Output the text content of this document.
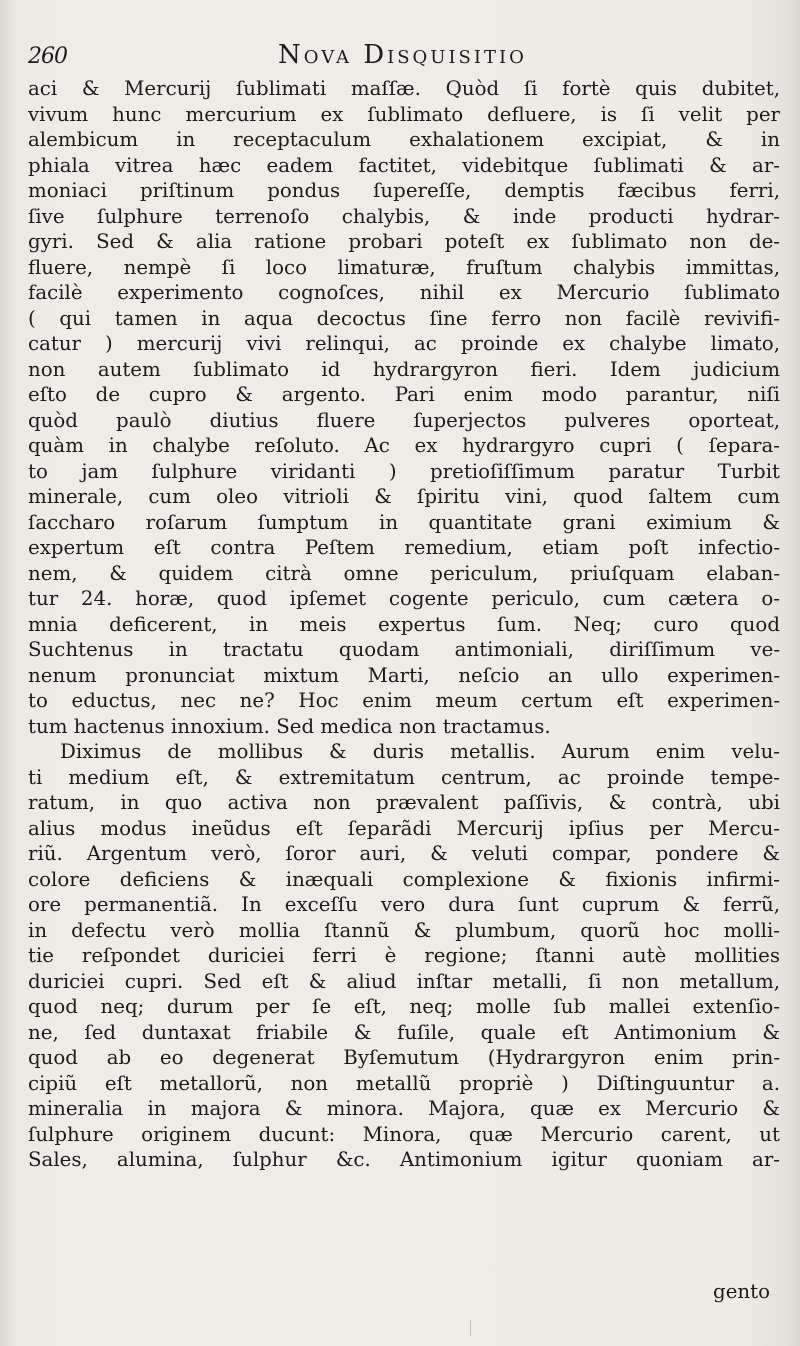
260	Nova Disquisitio
aci & Mercurij ſublimati maſſæ. Quòd ſi fortè quis dubitet,
vivum hunc mercurium ex ſublimato defluere, is ſi velit per
alembicum in receptaculum exhalationem excipiat, & in
phiala vitrea hæc eadem factitet, videbitque ſublimati & ar-
moniaci priſtinum pondus ſupereſſe, demptis fæcibus ferri,
ſive ſulphure terrenoſo chalybis, & inde producti hydrar-
gyri. Sed & alia ratione probari poteſt ex ſublimato non de-
fluere, nempè ſi loco limaturæ, fruſtum chalybis immittas,
facilè experimento cognoſces, nihil ex Mercurio ſublimato
( qui tamen in aqua decoctus ſine ferro non facilè revivifi-
catur ) mercurij vivi relinqui, ac proinde ex chalybe limato,
non autem ſublimato id hydrargyron fieri. Idem judicium
eſto de cupro & argento. Pari enim modo parantur, niſi
quòd paulò diutius fluere ſuperjectos pulveres oporteat,
quàm in chalybe reſoluto. Ac ex hydrargyro cupri ( ſepara-
to jam ſulphure viridanti ) pretioſiſſimum paratur Turbit
minerale, cum oleo vitrioli & ſpiritu vini, quod ſaltem cum
ſaccharo roſarum ſumptum in quantitate grani eximium &
expertum eſt contra Peſtem remedium, etiam poſt infectio-
nem, & quidem citrà omne periculum, priuſquam elaban-
tur 24. horæ, quod ipſemet cogente periculo, cum cætera o-
mnia deficerent, in meis expertus ſum. Neq; curo quod
Suchtenus in tractatu quodam antimoniali, diriſſimum ve-
nenum pronunciat mixtum Marti, neſcio an ullo experimen-
to eductus, nec ne? Hoc enim meum certum eſt experimen-
tum hactenus innoxium. Sed medica non tractamus.
Diximus de mollibus & duris metallis. Aurum enim velu-
ti medium eſt, & extremitatum centrum, ac proinde tempe-
ratum, in quo activa non prævalent paſſivis, & contrà, ubi
alius modus ineũdus eſt ſeparãdi Mercurij ipſius per Mercu-
riũ. Argentum verò, ſoror auri, & veluti compar, pondere &
colore deficiens & inæquali complexione & fixionis infirmi-
ore permanentiã. In exceſſu vero dura ſunt cuprum & ferrũ,
in defectu verò mollia ſtannũ & plumbum, quorũ hoc molli-
tie reſpondet duriciei ferri è regione; ſtanni autè mollities
duriciei cupri. Sed eſt & aliud inſtar metalli, ſi non metallum,
quod neq; durum per ſe eſt, neq; molle ſub mallei extenſio-
ne, ſed duntaxat friabile & fuſile, quale eſt Antimonium &
quod ab eo degenerat Byſemutum (Hydrargyron enim prin-
cipiũ eſt metallorũ, non metallũ propriè ) Diſtinguuntur a.
mineralia in majora & minora. Majora, quæ ex Mercurio &
ſulphure originem ducunt: Minora, quæ Mercurio carent, ut
Sales, alumina, ſulphur &c. Antimonium igitur quoniam ar-
gento
